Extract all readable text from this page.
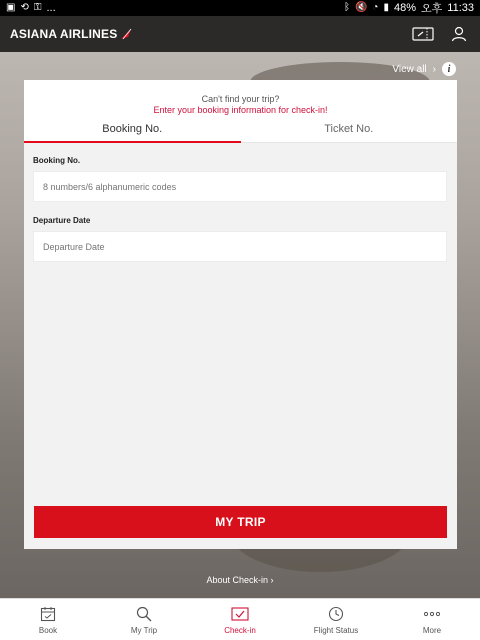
▣ ⟲ ⚿ ...	ᛒ 🔇 ◔ ▮ 48% 오후 11:33
ASIANA AIRLINES
View all ›	i
Can't find your trip?
Enter your booking information for check-in!
Booking No.	Ticket No.
Booking No.
8 numbers/6 alphanumeric codes
Departure Date
Departure Date
MY TRIP
About Check-in ›
Book	My Trip	Check-in	Flight Status	More
